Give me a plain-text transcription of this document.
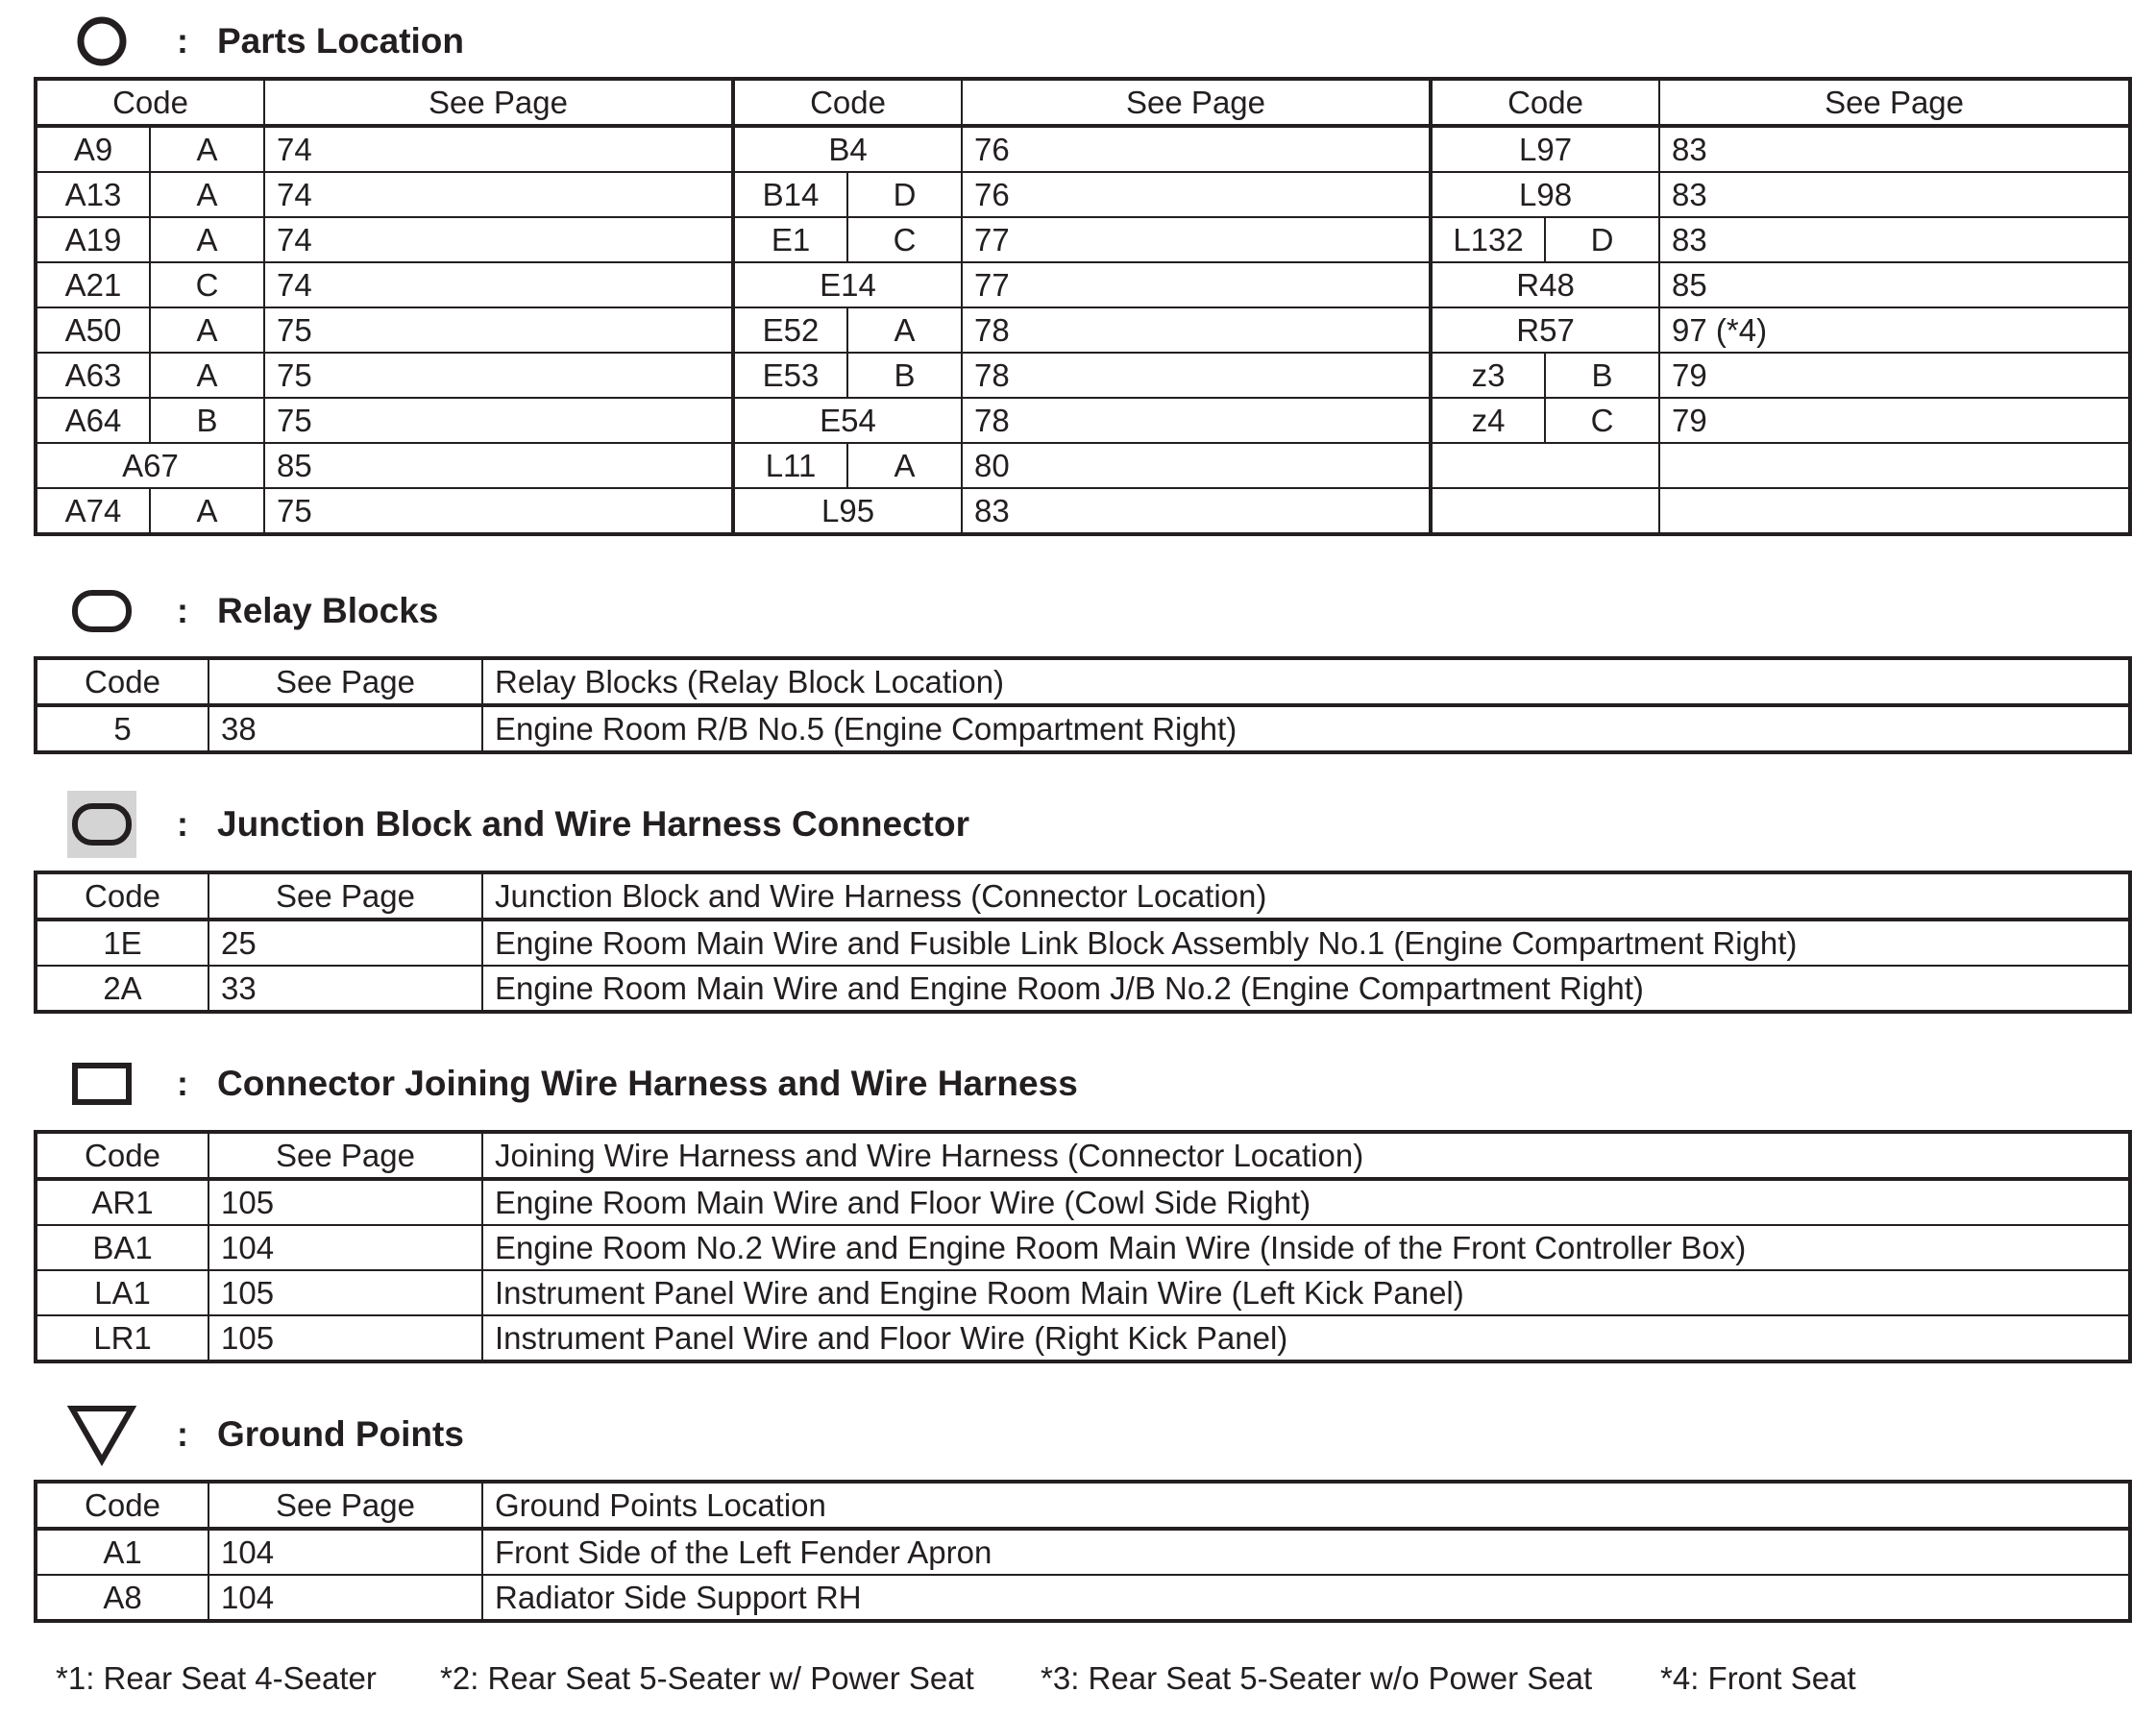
: Parts Location
Code		See Page	Code		See Page	Code		See Page
A9	A	74	B4		76	L97		83
A13	A	74	B14	D	76	L98		83
A19	A	74	E1	C	77	L132	D	83
A21	C	74	E14		77	R48		85
A50	A	75	E52	A	78	R57		97 (*4)
A63	A	75	E53	B	78	z3	B	79
A64	B	75	E54		78	z4	C	79
A67		85	L11	A	80			
A74	A	75	L95		83			
: Relay Blocks
Code	See Page	Relay Blocks (Relay Block Location)
5	38	Engine Room R/B No.5 (Engine Compartment Right)
: Junction Block and Wire Harness Connector
Code	See Page	Junction Block and Wire Harness (Connector Location)
1E	25	Engine Room Main Wire and Fusible Link Block Assembly No.1 (Engine Compartment Right)
2A	33	Engine Room Main Wire and Engine Room J/B No.2 (Engine Compartment Right)
: Connector Joining Wire Harness and Wire Harness
Code	See Page	Joining Wire Harness and Wire Harness (Connector Location)
AR1	105	Engine Room Main Wire and Floor Wire (Cowl Side Right)
BA1	104	Engine Room No.2 Wire and Engine Room Main Wire (Inside of the Front Controller Box)
LA1	105	Instrument Panel Wire and Engine Room Main Wire (Left Kick Panel)
LR1	105	Instrument Panel Wire and Floor Wire (Right Kick Panel)
: Ground Points
Code	See Page	Ground Points Location
A1	104	Front Side of the Left Fender Apron
A8	104	Radiator Side Support RH
*1: Rear Seat 4-Seater *2: Rear Seat 5-Seater w/ Power Seat *3: Rear Seat 5-Seater w/o Power Seat *4: Front Seat
